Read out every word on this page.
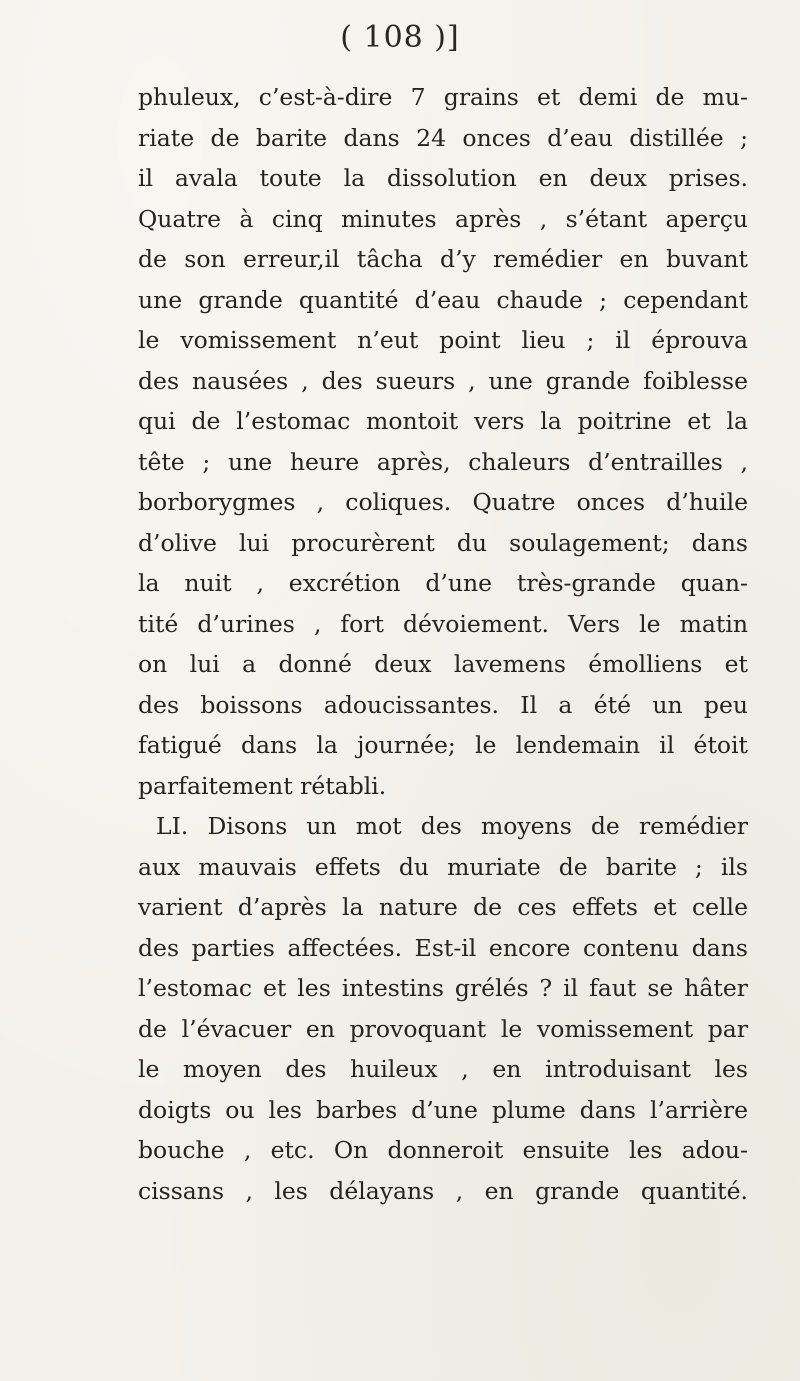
( 108 )]
phuleux, c’est-à-dire 7 grains et demi de mu-
riate de barite dans 24 onces d’eau distillée ;
il avala toute la dissolution en deux prises.
Quatre à cinq minutes après , s’étant aperçu
de son erreur,il tâcha d’y remédier en buvant
une grande quantité d’eau chaude ; cependant
le vomissement n’eut point lieu ; il éprouva
des nausées , des sueurs , une grande foiblesse
qui de l’estomac montoit vers la poitrine et la
tête ; une heure après, chaleurs d’entrailles ,
borborygmes , coliques. Quatre onces d’huile
d’olive lui procurèrent du soulagement; dans
la nuit , excrétion d’une très-grande quan-
tité d’urines , fort dévoiement. Vers le matin
on lui a donné deux lavemens émolliens et
des boissons adoucissantes. Il a été un peu
fatigué dans la journée; le lendemain il étoit
parfaitement rétabli.
LI. Disons un mot des moyens de remédier
aux mauvais effets du muriate de barite ; ils
varient d’après la nature de ces effets et celle
des parties affectées. Est-il encore contenu dans
l’estomac et les intestins grélés ? il faut se hâter
de l’évacuer en provoquant le vomissement par
le moyen des huileux , en introduisant les
doigts ou les barbes d’une plume dans l’arrière
bouche , etc. On donneroit ensuite les adou-
cissans , les délayans , en grande quantité.
